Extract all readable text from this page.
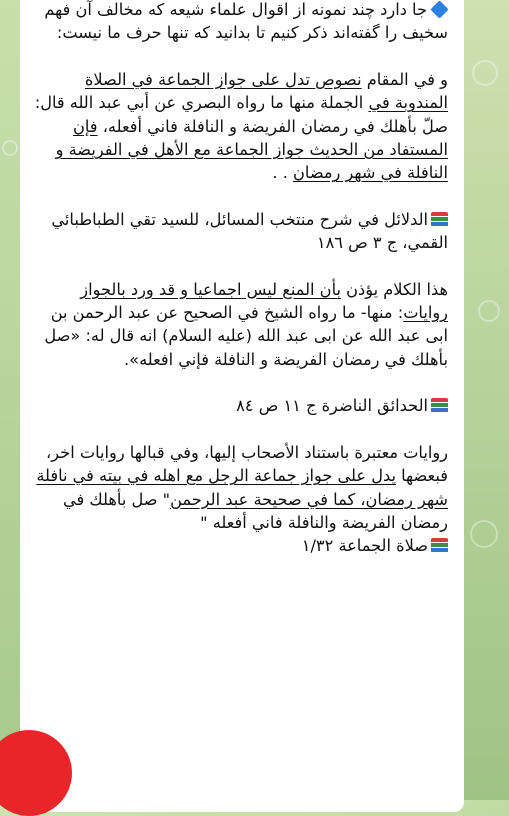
جا دارد چند نمونه از اقوال علماء شیعه که مخالف آن فهم سخیف را گفته‌اند ذکر کنیم تا بدانید که تنها حرف ما نیست:

و في المقام نصوص تدل على جواز الجماعة في الصلاة المندوبة في الجملة منها ما رواه البصري عن أبي عبد الله قال: صلّ بأهلك في رمضان الفريضة و النافلة فاني أفعله، فإن المستفاد من الحديث جواز الجماعة مع الأهل في الفريضة و النافلة في شهر رمضان . .

الدلائل في شرح منتخب المسائل، للسيد تقي الطباطبائي القمي، ج ٣ ص ١٨٦

هذا الكلام يؤذن بأن المنع ليس اجماعيا و قد ورد بالجواز روايات: منها- ما رواه الشيخ في الصحيح عن عبد الرحمن بن ابى عبد الله عن ابى عبد الله (عليه السلام) انه قال له: «صل بأهلك في رمضان الفريضة و النافلة فإني افعله».

الحدائق الناضرة ج ١١ ص ٨٤

روايات معتبرة باستناد الأصحاب إليها، وفي قبالها روايات اخر، فبعضها يدل على جواز جماعة الرجل مع اهله في بيته في نافلة شهر رمضان، كما في صحيحة عبد الرحمن" صل بأهلك في رمضان الفريضة والنافلة فاني أفعله "

صلاة الجماعة ١/٣٢
